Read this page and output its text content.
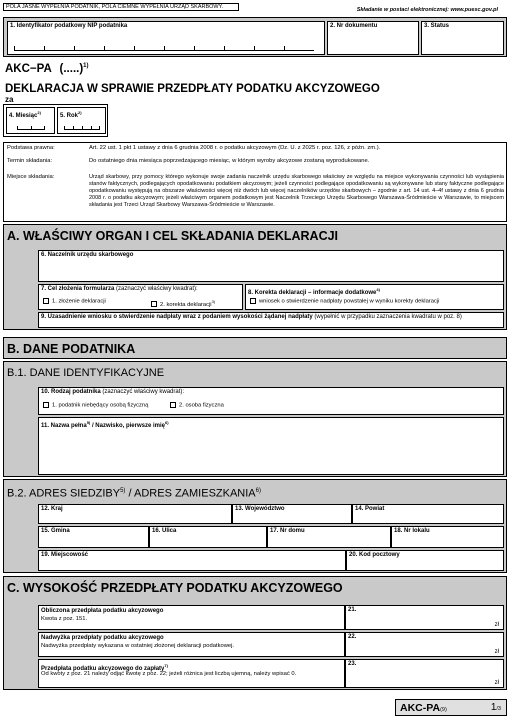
POLA JASNE WYPEŁNIA PODATNIK, POLA CIEMNE WYPEŁNIA URZĄD SKARBOWY.	Składanie w postaci elektronicznej: www.puesc.gov.pl
1. Identyfikator podatkowy NIP podatnika	2. Nr dokumentu	3. Status
AKC−PA (.....)$^{1)}$
DEKLARACJA W SPRAWIE PRZEDPŁATY PODATKU AKCYZOWEGO
za
4. Miesiąc$^{2)}$
5. Rok$^{2)}$
Podstawa prawna:	Art. 22 ust. 1 pkt 1 ustawy z dnia 6 grudnia 2008 r. o podatku akcyzowym (Dz. U. z 2025 r. poz. 126, z późn. zm.).
Termin składania:	Do ostatniego dnia miesiąca poprzedzającego miesiąc, w którym wyroby akcyzowe zostaną wyprodukowane.
Miejsce składania:	Urząd skarbowy, przy pomocy którego wykonuje swoje zadania naczelnik urzędu skarbowego właściwy ze względu na miejsce wykonywania czynności lub wystąpienia stanów faktycznych, podlegających opodatkowaniu podatkiem akcyzowym; jeżeli czynności podlegające opodatkowaniu są wykonywane lub stany faktyczne podlegające opodatkowaniu występują na obszarze właściwości więcej niż dwóch lub więcej naczelników urzędów skarbowych – zgodnie z art. 14 ust. 4–4f ustawy z dnia 6 grudnia 2008 r. o podatku akcyzowym; jeżeli właściwym organem podatkowym jest Naczelnik Trzeciego Urzędu Skarbowego Warszawa-Śródmieście w Warszawie, to miejscem składania jest Trzeci Urząd Skarbowy Warszawa-Śródmieście w Warszawie.
A. WŁAŚCIWY ORGAN I CEL SKŁADANIA DEKLARACJI
6. Naczelnik urzędu skarbowego
7. Cel złożenia formularza (zaznaczyć właściwy kwadrat):
1. złożenie deklaracji
2. korekta deklaracji$^{3)}$
8. Korekta deklaracji – informacje dodatkowe$^{4)}$
wniosek o stwierdzenie nadpłaty powstałej w wyniku korekty deklaracji
9. Uzasadnienie wniosku o stwierdzenie nadpłaty wraz z podaniem wysokości żądanej nadpłaty (wypełnić w przypadku zaznaczenia kwadratu w poz. 8)
B. DANE PODATNIKA
B.1. DANE IDENTYFIKACYJNE
10. Rodzaj podatnika (zaznaczyć właściwy kwadrat):
1. podatnik niebędący osobą fizyczną	2. osoba fizyczna
11. Nazwa pełna$^{5)}$ / Nazwisko, pierwsze imię$^{6)}$
B.2. ADRES SIEDZIBY$^{5)}$ / ADRES ZAMIESZKANIA$^{6)}$
12. Kraj	13. Województwo	14. Powiat
15. Gmina	16. Ulica	17. Nr domu	18. Nr lokalu
19. Miejscowość	20. Kod pocztowy
C. WYSOKOŚĆ PRZEDPŁATY PODATKU AKCYZOWEGO
Obliczona przedpłata podatku akcyzowego
Kwota z poz. 151.
21.
zł
Nadwyżka przedpłaty podatku akcyzowego
Nadwyżka przedpłaty wykazana w ostatniej złożonej deklaracji podatkowej.
22.
zł
Przedpłata podatku akcyzowego do zapłaty$^{7)}$
Od kwoty z poz. 21 należy odjąć kwotę z poz. 22; jeżeli różnica jest liczbą ujemną, należy wpisać 0.
23.
zł
AKC-PA(9)	1/3
